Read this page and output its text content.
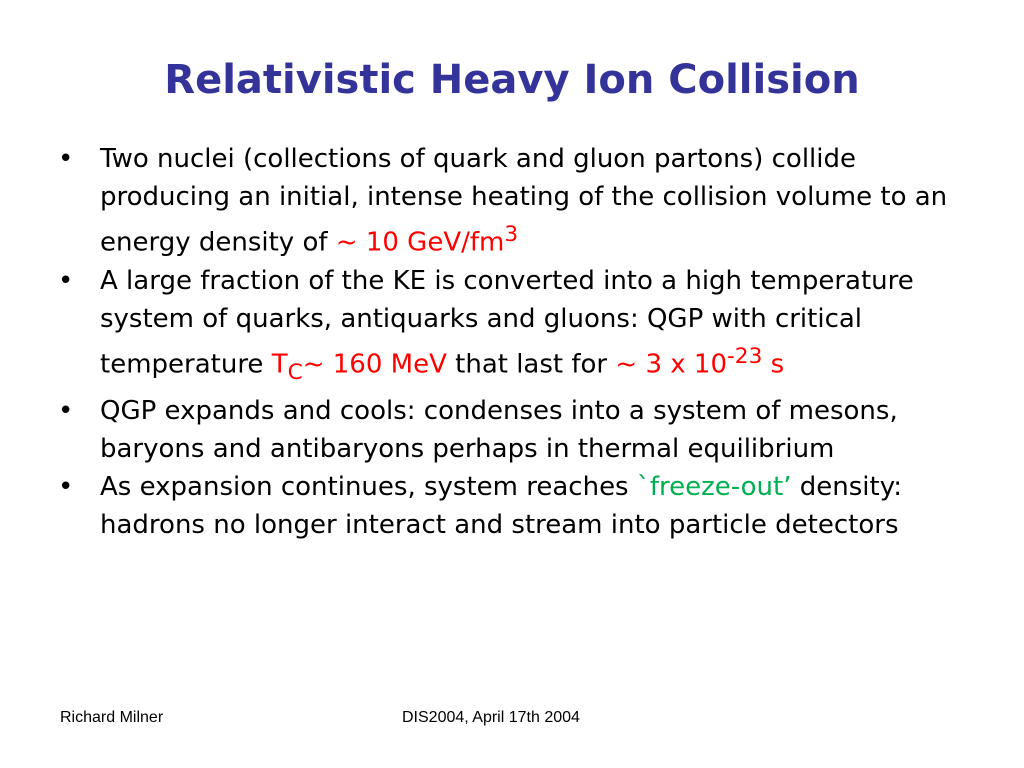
Relativistic Heavy Ion Collision
•	Two nuclei (collections of quark and gluon partons) collide producing an initial, intense heating of the collision volume to an energy density of ~ 10 GeV/$fm^3$
•	A large fraction of the KE is converted into a high temperature system of quarks, antiquarks and gluons: QGP with critical temperature $T_C\sim$ 160 MeV that last for ~ 3 x $10^{-23}$ s
•	QGP expands and cools: condenses into a system of mesons, baryons and antibaryons perhaps in thermal equilibrium
•	As expansion continues, system reaches `freeze-out’ density: hadrons no longer interact and stream into particle detectors
Richard Milner	DIS2004, April 17th 2004
